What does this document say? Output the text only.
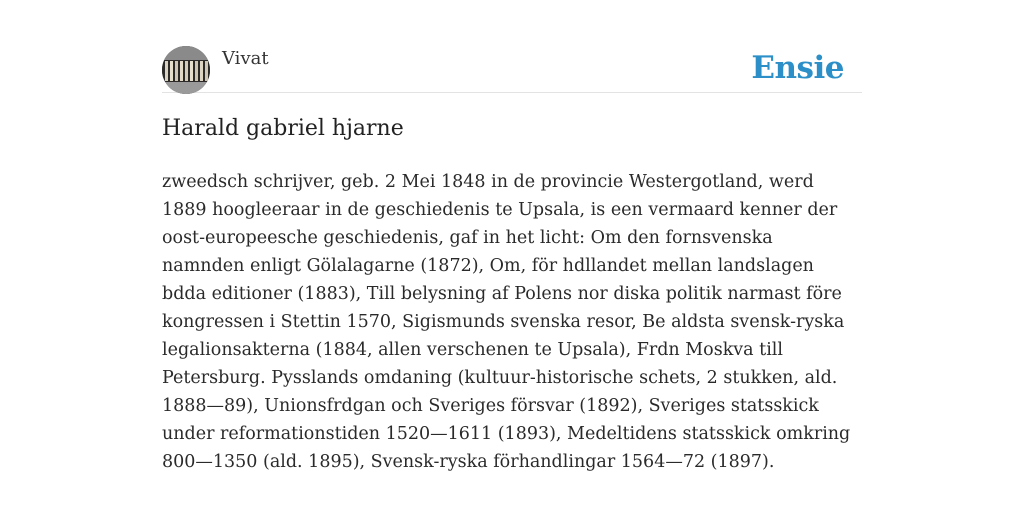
Vivat	Ensie
Harald gabriel hjarne

zweedsch schrijver, geb. 2 Mei 1848 in de provincie Westergotland, werd 1889 hoogleeraar in de geschiedenis te Upsala, is een vermaard kenner der oost-europeesche geschiedenis, gaf in het licht: Om den fornsvenska namnden enligt Gölalagarne (1872), Om, för hdllandet mellan landslagen bdda editioner (1883), Till belysning af Polens nor diska politik narmast före kongressen i Stettin 1570, Sigismunds svenska resor, Be aldsta svensk-ryska legalionsakterna (1884, allen verschenen te Upsala), Frdn Moskva till Petersburg. Pysslands omdaning (kultuur-historische schets, 2 stukken, ald. 1888—89), Unionsfrdgan och Sveriges försvar (1892), Sveriges statsskick under reformationstiden 1520—1611 (1893), Medeltidens statsskick omkring 800—1350 (ald. 1895), Svensk-ryska förhandlingar 1564—72 (1897).
